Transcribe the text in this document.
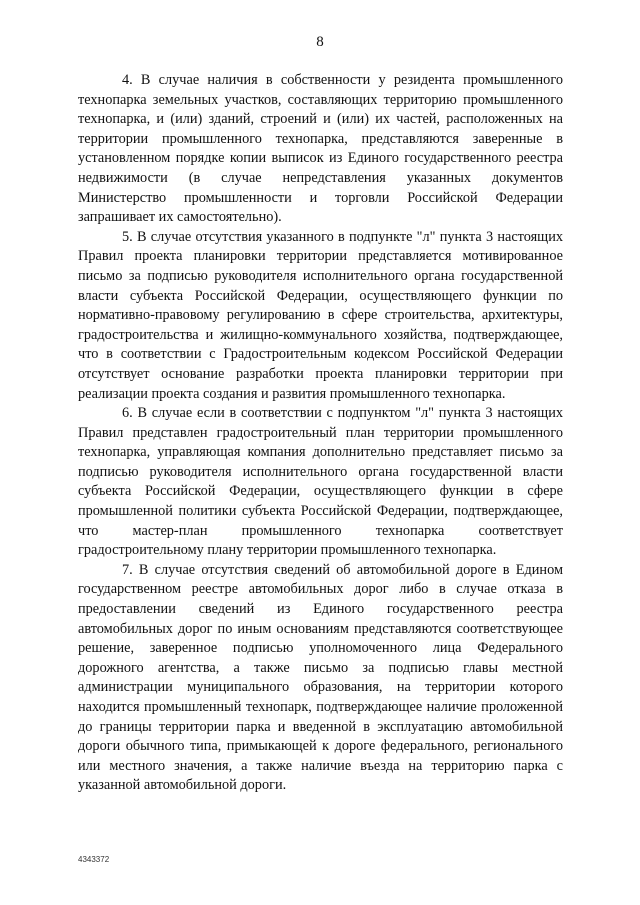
8

4. В случае наличия в собственности у резидента промышленного технопарка земельных участков, составляющих территорию промышленного технопарка, и (или) зданий, строений и (или) их частей, расположенных на территории промышленного технопарка, представляются заверенные в установленном порядке копии выписок из Единого государственного реестра недвижимости (в случае непредставления указанных документов Министерство промышленности и торговли Российской Федерации запрашивает их самостоятельно).

5. В случае отсутствия указанного в подпункте "л" пункта 3 настоящих Правил проекта планировки территории представляется мотивированное письмо за подписью руководителя исполнительного органа государственной власти субъекта Российской Федерации, осуществляющего функции по нормативно-правовому регулированию в сфере строительства, архитектуры, градостроительства и жилищно-коммунального хозяйства, подтверждающее, что в соответствии с Градостроительным кодексом Российской Федерации отсутствует основание разработки проекта планировки территории при реализации проекта создания и развития промышленного технопарка.

6. В случае если в соответствии с подпунктом "л" пункта 3 настоящих Правил представлен градостроительный план территории промышленного технопарка, управляющая компания дополнительно представляет письмо за подписью руководителя исполнительного органа государственной власти субъекта Российской Федерации, осуществляющего функции в сфере промышленной политики субъекта Российской Федерации, подтверждающее, что мастер-план промышленного технопарка соответствует градостроительному плану территории промышленного технопарка.

7. В случае отсутствия сведений об автомобильной дороге в Едином государственном реестре автомобильных дорог либо в случае отказа в предоставлении сведений из Единого государственного реестра автомобильных дорог по иным основаниям представляются соответствующее решение, заверенное подписью уполномоченного лица Федерального дорожного агентства, а также письмо за подписью главы местной администрации муниципального образования, на территории которого находится промышленный технопарк, подтверждающее наличие проложенной до границы территории парка и введенной в эксплуатацию автомобильной дороги обычного типа, примыкающей к дороге федерального, регионального или местного значения, а также наличие въезда на территорию парка с указанной автомобильной дороги.

4343372
